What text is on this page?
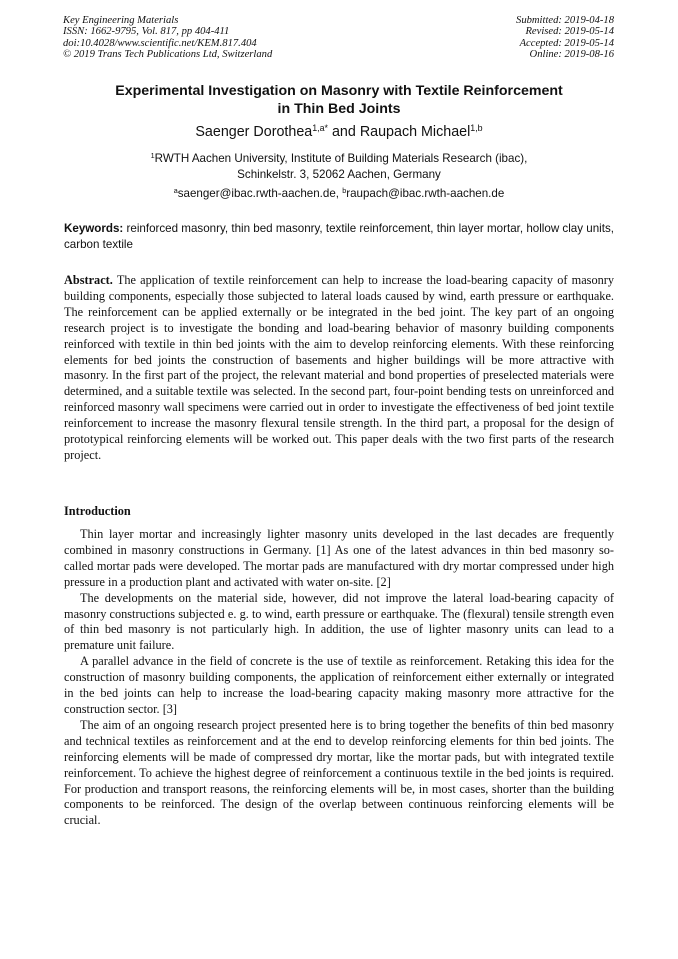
Key Engineering Materials
ISSN: 1662-9795, Vol. 817, pp 404-411
doi:10.4028/www.scientific.net/KEM.817.404
© 2019 Trans Tech Publications Ltd, Switzerland
Submitted: 2019-04-18
Revised: 2019-05-14
Accepted: 2019-05-14
Online: 2019-08-16
Experimental Investigation on Masonry with Textile Reinforcement
in Thin Bed Joints
Saenger Dorothea$^{1,a*}$ and Raupach Michael$^{1,b}$
$^1$RWTH Aachen University, Institute of Building Materials Research (ibac),
Schinkelstr. 3, 52062 Aachen, Germany
$^a$saenger@ibac.rwth-aachen.de, $^b$raupach@ibac.rwth-aachen.de
Keywords: reinforced masonry, thin bed masonry, textile reinforcement, thin layer mortar, hollow clay units, carbon textile
Abstract. The application of textile reinforcement can help to increase the load-bearing capacity of masonry building components, especially those subjected to lateral loads caused by wind, earth pressure or earthquake. The reinforcement can be applied externally or be integrated in the bed joint. The key part of an ongoing research project is to investigate the bonding and load-bearing behavior of masonry building components reinforced with textile in thin bed joints with the aim to develop reinforcing elements. With these reinforcing elements for bed joints the construction of basements and higher buildings will be more attractive with masonry. In the first part of the project, the relevant material and bond properties of preselected materials were determined, and a suitable textile was selected. In the second part, four-point bending tests on unreinforced and reinforced masonry wall specimens were carried out in order to investigate the effectiveness of bed joint textile reinforcement to increase the masonry flexural tensile strength. In the third part, a proposal for the design of prototypical reinforcing elements will be worked out. This paper deals with the two first parts of the research project.
Introduction

Thin layer mortar and increasingly lighter masonry units developed in the last decades are frequently combined in masonry constructions in Germany. [1] As one of the latest advances in thin bed masonry so-called mortar pads were developed. The mortar pads are manufactured with dry mortar compressed under high pressure in a production plant and activated with water on-site. [2]

The developments on the material side, however, did not improve the lateral load-bearing capacity of masonry constructions subjected e. g. to wind, earth pressure or earthquake. The (flexural) tensile strength even of thin bed masonry is not particularly high. In addition, the use of lighter masonry units can lead to a premature unit failure.

A parallel advance in the field of concrete is the use of textile as reinforcement. Retaking this idea for the construction of masonry building components, the application of reinforcement either externally or integrated in the bed joints can help to increase the load-bearing capacity making masonry more attractive for the construction sector. [3]

The aim of an ongoing research project presented here is to bring together the benefits of thin bed masonry and technical textiles as reinforcement and at the end to develop reinforcing elements for thin bed joints. The reinforcing elements will be made of compressed dry mortar, like the mortar pads, but with integrated textile reinforcement. To achieve the highest degree of reinforcement a continuous textile in the bed joints is required. For production and transport reasons, the reinforcing elements will be, in most cases, shorter than the building components to be reinforced. The design of the overlap between continuous reinforcing elements will be crucial.
